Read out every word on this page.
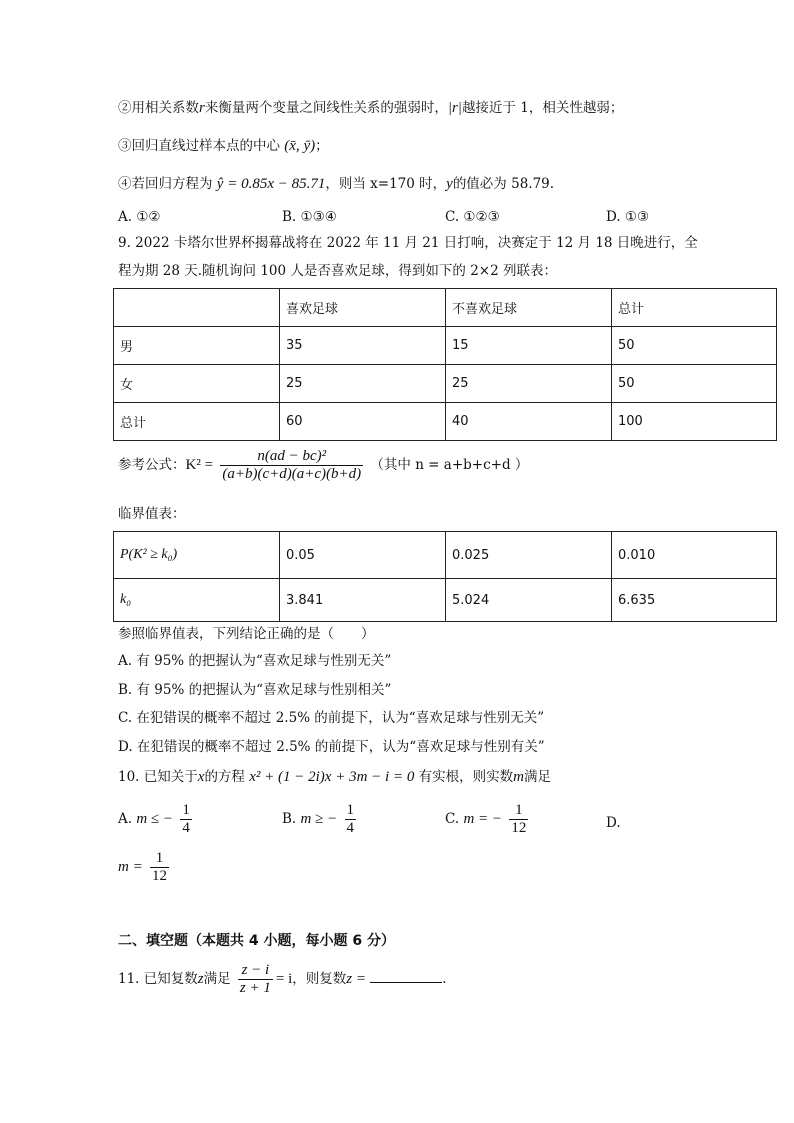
②用相关系数r来衡量两个变量之间线性关系的强弱时，|r|越接近于 1，相关性越弱；
③回归直线过样本点的中心 (x̄, ȳ)；
④若回归方程为 ŷ = 0.85x − 85.71，则当 x=170 时，y的值必为 58.79.
A. ①②	B. ①③④	C. ①②③	D. ①③
9. 2022 卡塔尔世界杯揭幕战将在 2022 年 11 月 21 日打响，决赛定于 12 月 18 日晚进行，全
程为期 28 天.随机询问 100 人是否喜欢足球，得到如下的 2×2 列联表：
	喜欢足球	不喜欢足球	总计
男	35	15	50
女	25	25	50
总计	60	40	100
参考公式：$K^2 = \frac{\text{n(ad − bc)²}}{(a+b)(c+d)(a+c)(b+d)}$ （其中 n = a+b+c+d ）
临界值表：
P(K² ≥ k₀)	0.05	0.025	0.010
k₀	3.841	5.024	6.635
参照临界值表，下列结论正确的是（　　）
A. 有 95% 的把握认为“喜欢足球与性别无关”
B. 有 95% 的把握认为“喜欢足球与性别相关”
C. 在犯错误的概率不超过 2.5% 的前提下，认为“喜欢足球与性别无关”
D. 在犯错误的概率不超过 2.5% 的前提下，认为“喜欢足球与性别有关”
10. 已知关于x的方程 x² + (1 − 2i)x + 3m − i = 0 有实根，则实数m满足
A. m ≤ − $\frac{1}{4}$	B. m ≥ − $\frac{1}{4}$	C. m = − $\frac{1}{12}$	D.
$m = \frac{1}{12}$
二、填空题（本题共 4 小题，每小题 6 分）
11. 已知复数z满足 $\frac{z - i}{z + 1} = i$，则复数z =	.
